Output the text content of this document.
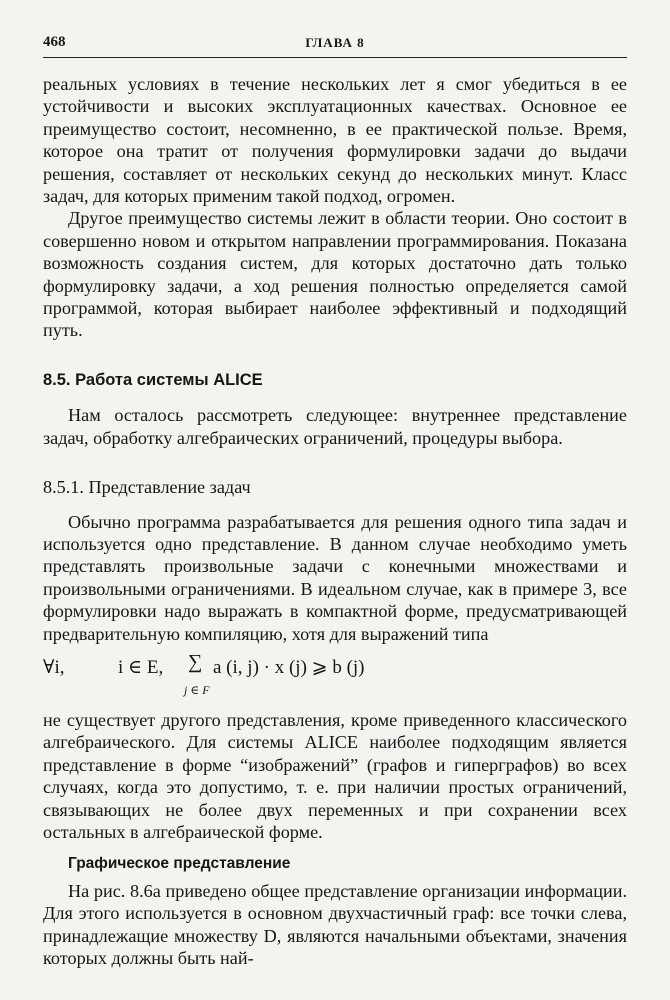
468	ГЛАВА 8

реальных условиях в течение нескольких лет я смог убедиться в ее устойчивости и высоких эксплуатационных качествах. Основное ее преимущество состоит, несомненно, в ее практической пользе. Время, которое она тратит от получения формулировки задачи до выдачи решения, составляет от нескольких секунд до нескольких минут. Класс задач, для которых применим такой подход, огромен.

Другое преимущество системы лежит в области теории. Оно состоит в совершенно новом и открытом направлении программирования. Показана возможность создания систем, для которых достаточно дать только формулировку задачи, а ход решения полностью определяется самой программой, которая выбирает наиболее эффективный и подходящий путь.

8.5. Работа системы ALICE

Нам осталось рассмотреть следующее: внутреннее представление задач, обработку алгебраических ограничений, процедуры выбора.

8.5.1. Представление задач

Обычно программа разрабатывается для решения одного типа задач и используется одно представление. В данном случае необходимо уметь представлять произвольные задачи с конечными множествами и произвольными ограничениями. В идеальном случае, как в примере 3, все формулировки надо выражать в компактной форме, предусматривающей предварительную компиляцию, хотя для выражений типа

∀i,	i ∈ E, ∑
j ∈ F
a (i, j) · x (j) ⩾ b (j)

не существует другого представления, кроме приведенного классического алгебраического. Для системы ALICE наиболее подходящим является представление в форме “изображений” (графов и гиперграфов) во всех случаях, когда это допустимо, т. е. при наличии простых ограничений, связывающих не более двух переменных и при сохранении всех остальных в алгебраической форме.

Графическое представление

На рис. 8.6а приведено общее представление организации информации. Для этого используется в основном двухчастичный граф: все точки слева, принадлежащие множеству D, являются начальными объектами, значения которых должны быть най-
